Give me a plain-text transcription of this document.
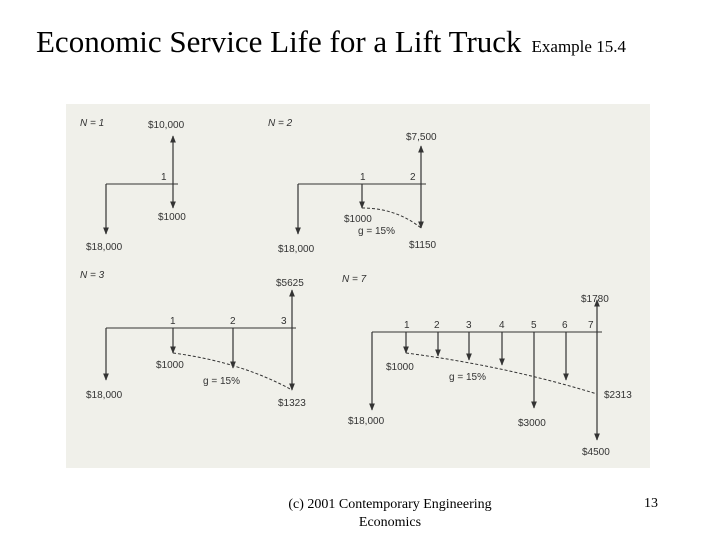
Economic Service Life for a Lift Truck Example 15.4
N = 1	$10,000
1
$1000
$18,000
N = 2
$7,500
1	2
$1000
g = 15%
$18,000	$1150
N = 3
$5625
1	2	3
$1000
g = 15%
$18,000
$1323
N = 7
$1780
1 2	3	4	5	6 7
$1000
g = 15%
$2313
$18,000	$3000
$4500
(c) 2001 Contemporary Engineering
Economics
13
